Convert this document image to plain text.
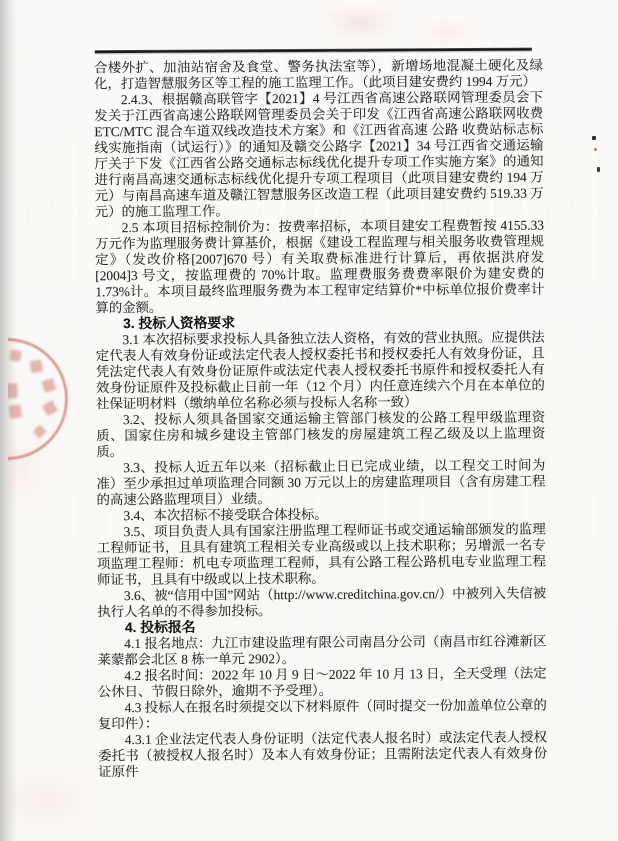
合楼外扩、加油站宿舍及食堂、警务执法室等），新增场地混凝土硬化及绿化，打造智慧服务区等工程的施工监理工作。（此项目建安费约 1994 万元）

2.4.3、根据赣高联管字【2021】4 号江西省高速公路联网管理委员会下发关于江西省高速公路联网管理委员会关于印发《江西省高速公路联网收费 ETC/MTC 混合车道双线改造技术方案》和《江西省高速 公路 收费站标志标线实施指南（试运行）》的通知及赣交公路字【2021】34 号江西省交通运输厅关于下发《江西省公路交通标志标线优化提升专项工作实施方案》的通知进行南昌高速交通标志标线优化提升专项工程项目（此项目建安费约 194 万元）与南昌高速车道及赣江智慧服务区改造工程（此项目建安费约 519.33 万元）的施工监理工作。

2.5 本项目招标控制价为：按费率招标，本项目建安工程费暂按 4155.33 万元作为监理服务费计算基价，根据《建设工程监理与相关服务收费管理规定》（发改价格[2007]670 号）有关取费标准进行计算后，再依据洪府发[2004]3 号文，按监理费的 70%计取。监理费服务费费率限价为建安费的 1.73%计。本项目最终监理服务费为本工程审定结算价*中标单位报价费率计算的金额。

3. 投标人资格要求

3.1 本次招标要求投标人具备独立法人资格，有效的营业执照。应提供法定代表人有效身份证或法定代表人授权委托书和授权委托人有效身份证，且凭法定代表人有效身份证原件或法定代表人授权委托书原件和授权委托人有效身份证原件及投标截止日前一年（12 个月）内任意连续六个月在本单位的社保证明材料（缴纳单位名称必须与投标人名称一致）

3.2、投标人须具备国家交通运输主管部门核发的公路工程甲级监理资质、国家住房和城乡建设主管部门核发的房屋建筑工程乙级及以上监理资质。

3.3、投标人近五年以来（招标截止日已完成业绩，以工程交工时间为准）至少承担过单项监理合同额 30 万元以上的房建监理项目（含有房建工程的高速公路监理项目）业绩。

3.4、本次招标不接受联合体投标。

3.5、项目负责人具有国家注册监理工程师证书或交通运输部颁发的监理工程师证书，且具有建筑工程相关专业高级或以上技术职称；另增派一名专项监理工程师：机电专项监理工程师，具有公路工程公路机电专业监理工程师证书，且具有中级或以上技术职称。

3.6、被“信用中国”网站（http://www.creditchina.gov.cn/）中被列入失信被执行人名单的不得参加投标。

4. 投标报名

4.1 报名地点：九江市建设监理有限公司南昌分公司（南昌市红谷滩新区莱蒙都会北区 8 栋一单元 2902）。

4.2 报名时间：2022 年 10 月 9 日～2022 年 10 月 13 日，全天受理（法定公休日、节假日除外，逾期不予受理）。

4.3 投标人在报名时须提交以下材料原件（同时提交一份加盖单位公章的复印件）：

4.3.1 企业法定代表人身份证明（法定代表人报名时）或法定代表人授权委托书（被授权人报名时）及本人有效身份证；且需附法定代表人有效身份证原件
